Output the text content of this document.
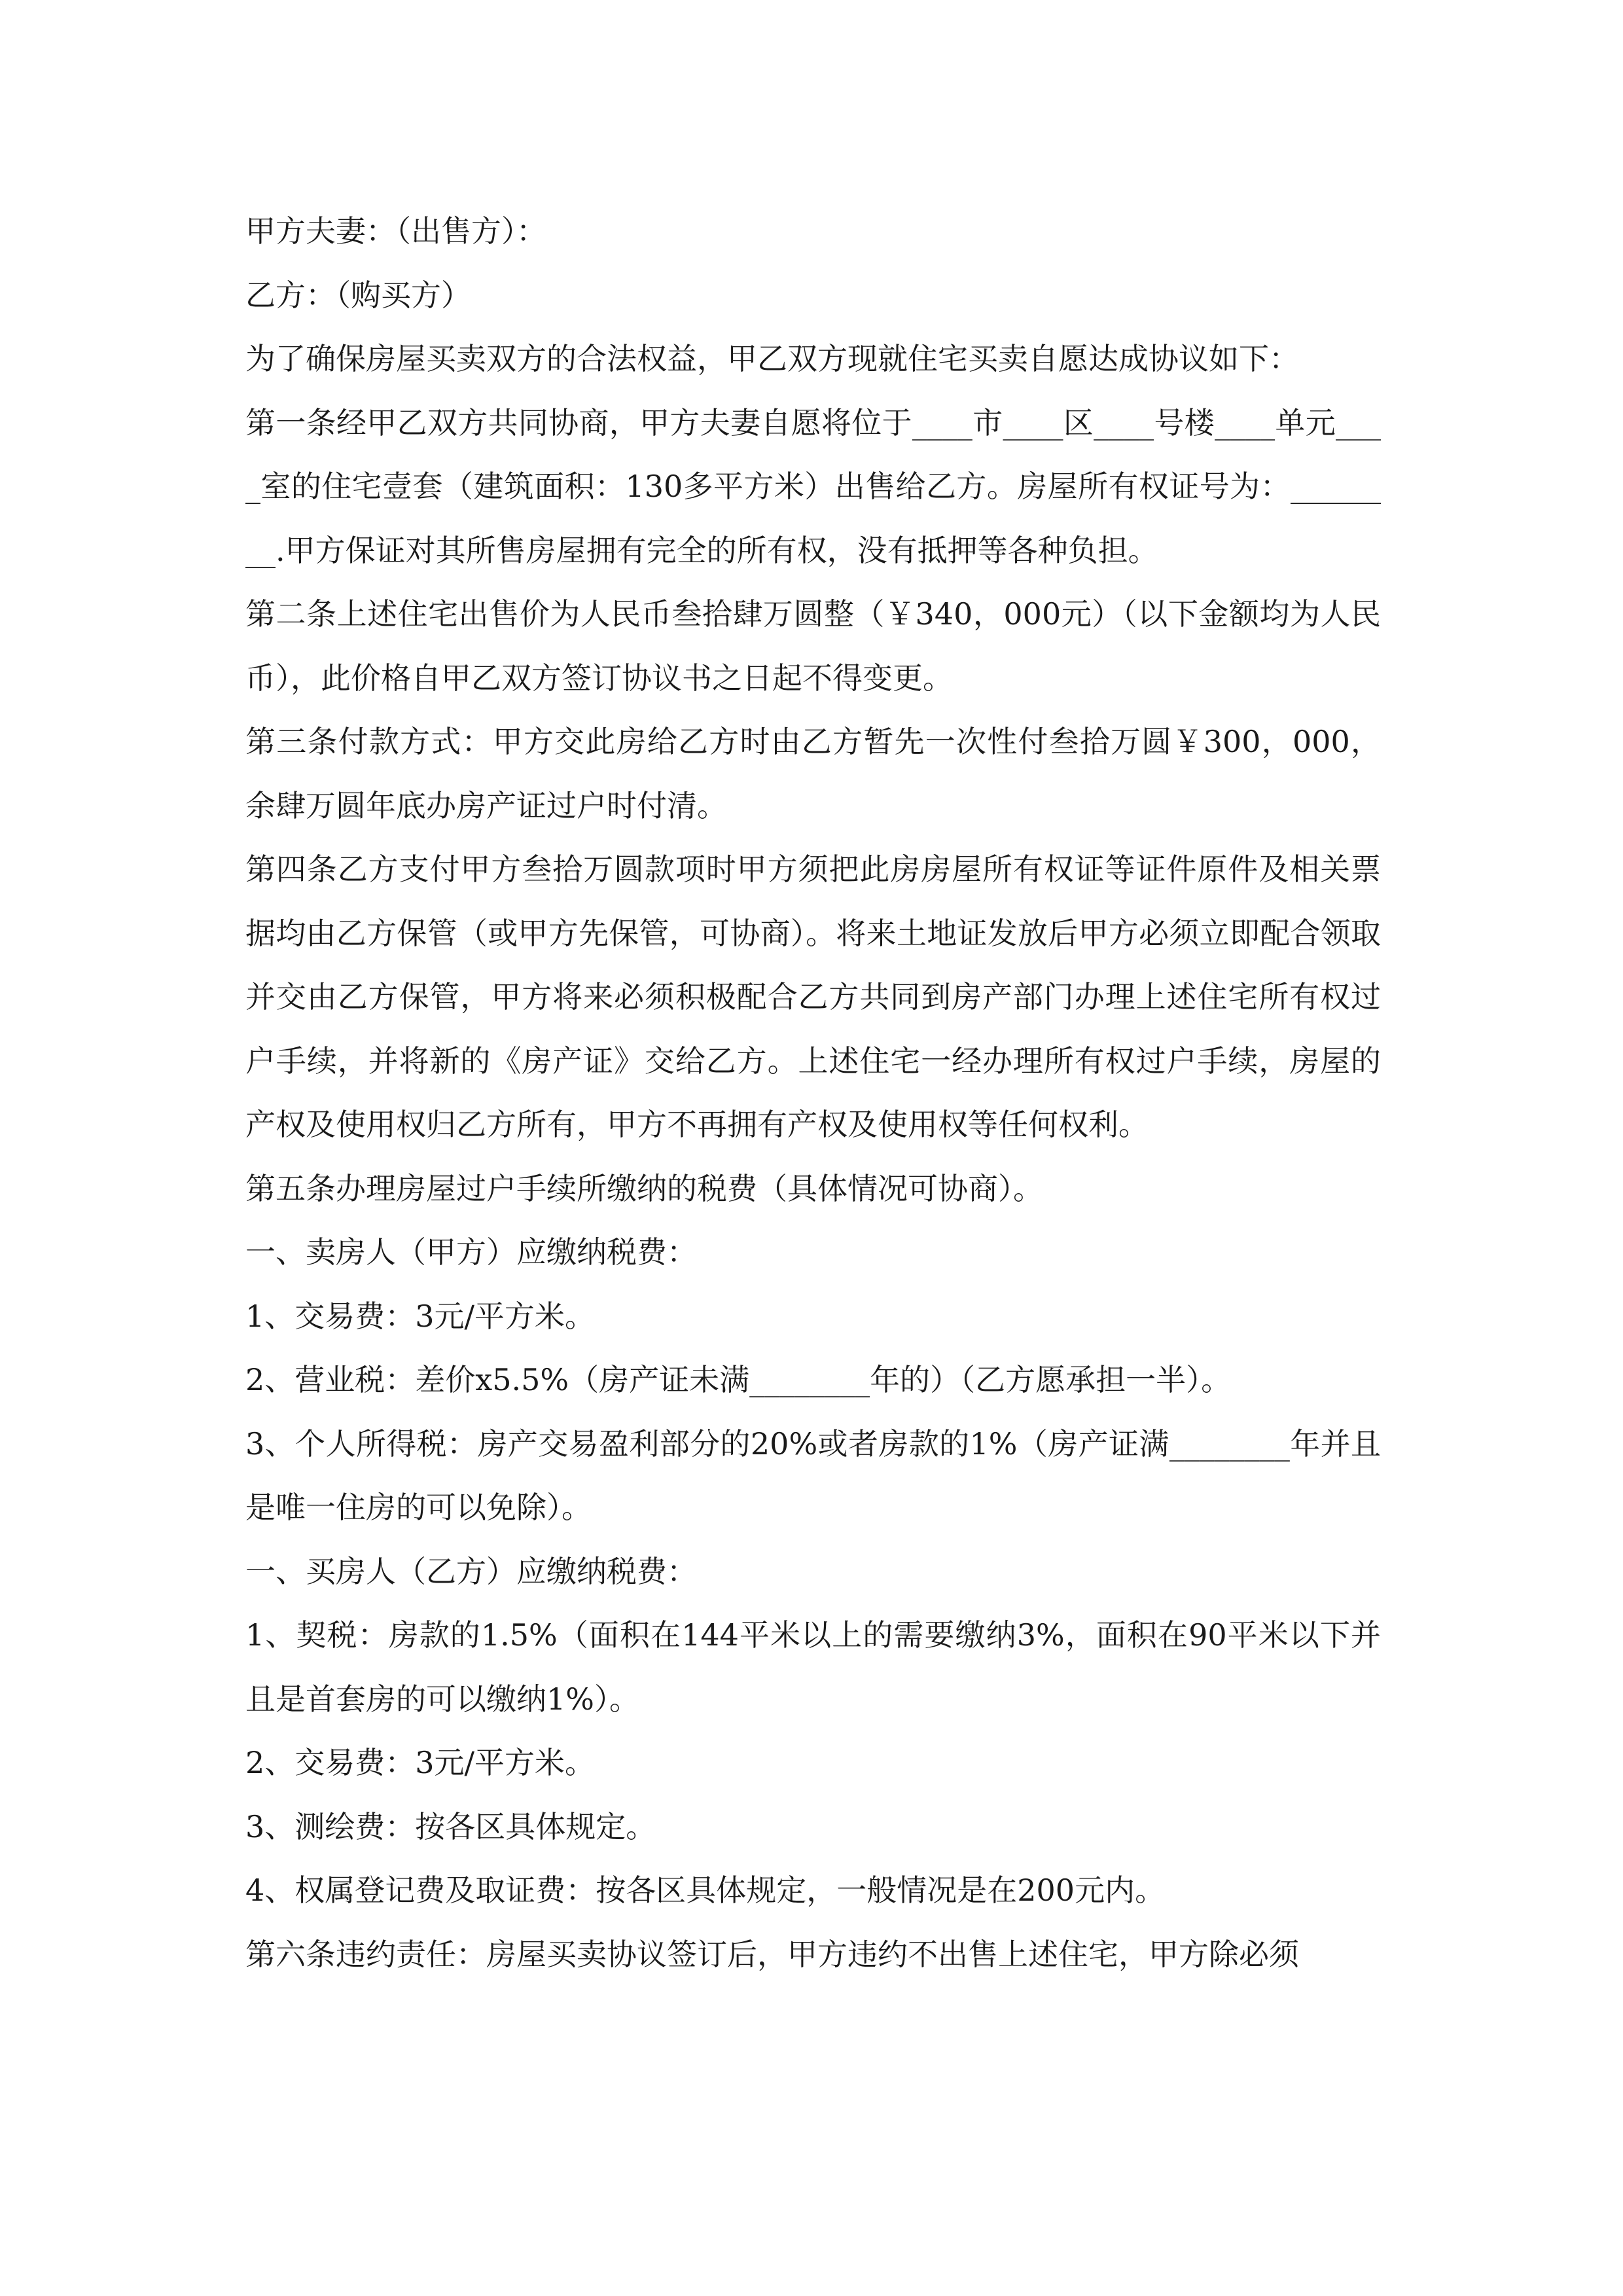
甲方夫妻：（出售方）：

乙方：（购买方）

为了确保房屋买卖双方的合法权益，甲乙双方现就住宅买卖自愿达成协议如下：

第一条经甲乙双方共同协商，甲方夫妻自愿将位于____市____区____号楼____单元____室的住宅壹套（建筑面积：130多平方米）出售给乙方。房屋所有权证号为：________.甲方保证对其所售房屋拥有完全的所有权，没有抵押等各种负担。

第二条上述住宅出售价为人民币叁拾肆万圆整（￥340，000元）（以下金额均为人民币），此价格自甲乙双方签订协议书之日起不得变更。

第三条付款方式：甲方交此房给乙方时由乙方暂先一次性付叁拾万圆￥300，000，余肆万圆年底办房产证过户时付清。

第四条乙方支付甲方叁拾万圆款项时甲方须把此房房屋所有权证等证件原件及相关票据均由乙方保管（或甲方先保管，可协商）。将来土地证发放后甲方必须立即配合领取并交由乙方保管，甲方将来必须积极配合乙方共同到房产部门办理上述住宅所有权过户手续，并将新的《房产证》交给乙方。上述住宅一经办理所有权过户手续，房屋的产权及使用权归乙方所有，甲方不再拥有产权及使用权等任何权利。

第五条办理房屋过户手续所缴纳的税费（具体情况可协商）。

一、卖房人（甲方）应缴纳税费：

1、交易费：3元/平方米。

2、营业税：差价x5.5%（房产证未满________年的）（乙方愿承担一半）。

3、个人所得税：房产交易盈利部分的20%或者房款的1%（房产证满________年并且是唯一住房的可以免除）。

一、买房人（乙方）应缴纳税费：

1、契税：房款的1.5%（面积在144平米以上的需要缴纳3%，面积在90平米以下并且是首套房的可以缴纳1%）。

2、交易费：3元/平方米。

3、测绘费：按各区具体规定。

4、权属登记费及取证费：按各区具体规定，一般情况是在200元内。

第六条违约责任：房屋买卖协议签订后，甲方违约不出售上述住宅，甲方除必须
